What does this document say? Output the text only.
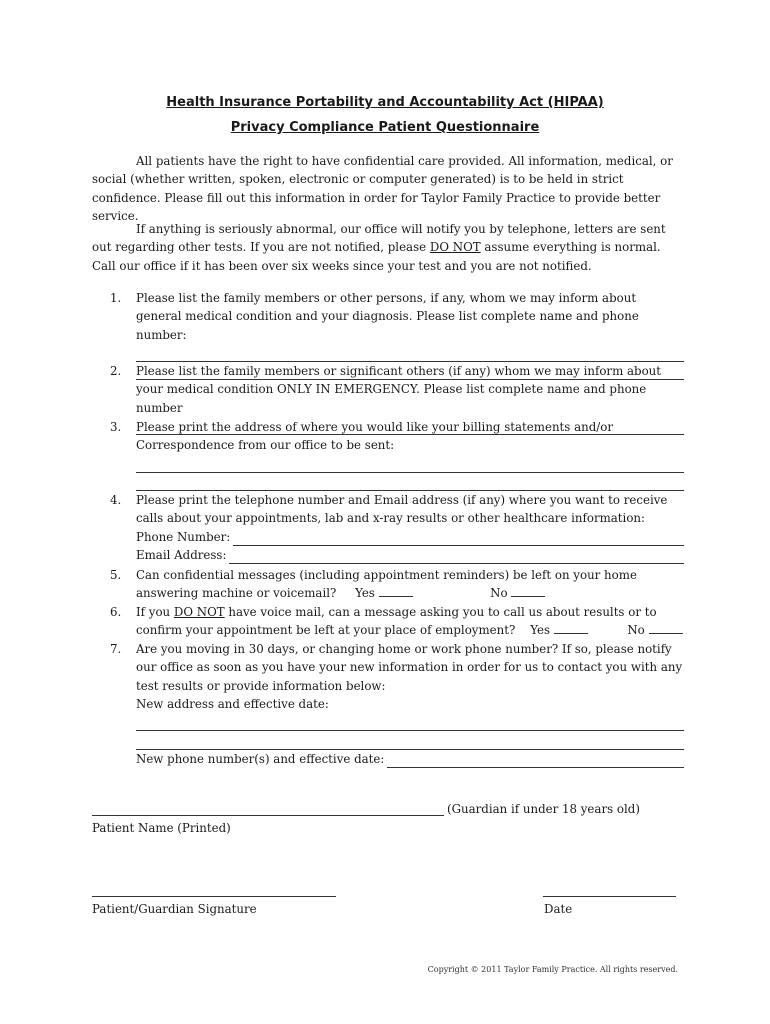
Health Insurance Portability and Accountability Act (HIPAA)
Privacy Compliance Patient Questionnaire
All patients have the right to have confidential care provided. All information, medical, or social (whether written, spoken, electronic or computer generated) is to be held in strict confidence. Please fill out this information in order for Taylor Family Practice to provide better service.
If anything is seriously abnormal, our office will notify you by telephone, letters are sent out regarding other tests. If you are not notified, please DO NOT assume everything is normal. Call our office if it has been over six weeks since your test and you are not notified.
1. Please list the family members or other persons, if any, whom we may inform about general medical condition and your diagnosis. Please list complete name and phone number:
2. Please list the family members or significant others (if any) whom we may inform about your medical condition ONLY IN EMERGENCY. Please list complete name and phone number
3. Please print the address of where you would like your billing statements and/or Correspondence from our office to be sent:
4. Please print the telephone number and Email address (if any) where you want to receive calls about your appointments, lab and x-ray results or other healthcare information:
Phone Number:
Email Address:
5. Can confidential messages (including appointment reminders) be left on your home answering machine or voicemail? Yes	No
6. If you DO NOT have voice mail, can a message asking you to call us about results or to confirm your appointment be left at your place of employment? Yes	No
7. Are you moving in 30 days, or changing home or work phone number? If so, please notify our office as soon as you have your new information in order for us to contact you with any test results or provide information below:
New address and effective date:
New phone number(s) and effective date:
(Guardian if under 18 years old)
Patient Name (Printed)
Patient/Guardian Signature	Date
Copyright © 2011 Taylor Family Practice. All rights reserved.
